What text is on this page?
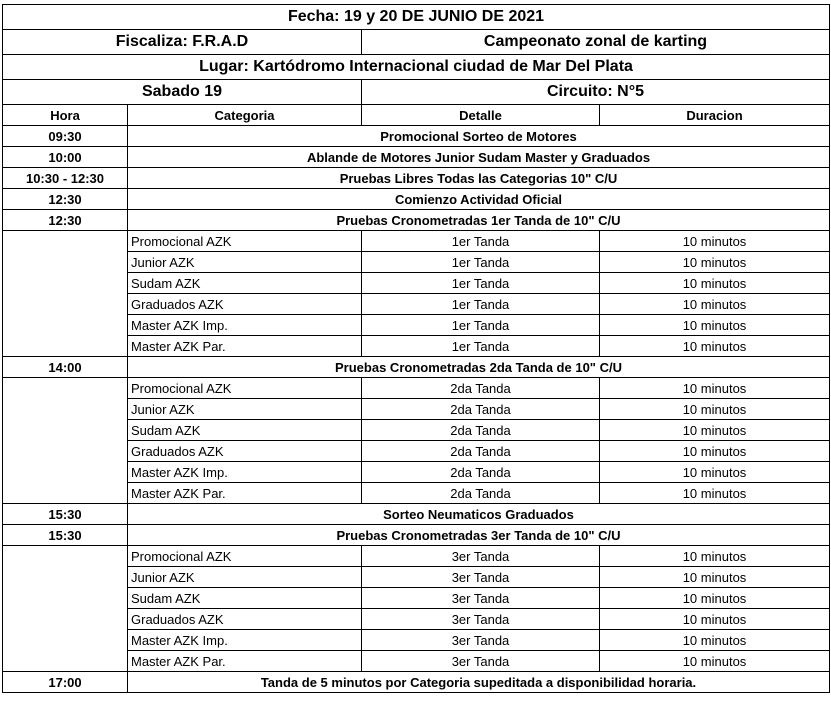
Fecha: 19 y 20 DE JUNIO DE 2021			
Fiscaliza: F.R.A.D		Campeonato zonal de karting	
Lugar: Kartódromo Internacional ciudad de Mar Del Plata			
Sabado 19		Circuito: N°5	
Hora	Categoria	Detalle	Duracion
09:30	Promocional Sorteo de Motores		
10:00	Ablande de Motores Junior Sudam Master y Graduados		
10:30 - 12:30	Pruebas Libres Todas las Categorias 10" C/U		
12:30	Comienzo Actividad Oficial		
12:30	Pruebas Cronometradas 1er Tanda de 10" C/U		
	Promocional AZK	1er Tanda	10 minutos
	Junior AZK	1er Tanda	10 minutos
	Sudam AZK	1er Tanda	10 minutos
	Graduados AZK	1er Tanda	10 minutos
	Master AZK Imp.	1er Tanda	10 minutos
	Master AZK Par.	1er Tanda	10 minutos
14:00	Pruebas Cronometradas 2da Tanda de 10" C/U		
	Promocional AZK	2da Tanda	10 minutos
	Junior AZK	2da Tanda	10 minutos
	Sudam AZK	2da Tanda	10 minutos
	Graduados AZK	2da Tanda	10 minutos
	Master AZK Imp.	2da Tanda	10 minutos
	Master AZK Par.	2da Tanda	10 minutos
15:30	Sorteo Neumaticos Graduados		
15:30	Pruebas Cronometradas 3er Tanda de 10" C/U		
	Promocional AZK	3er Tanda	10 minutos
	Junior AZK	3er Tanda	10 minutos
	Sudam AZK	3er Tanda	10 minutos
	Graduados AZK	3er Tanda	10 minutos
	Master AZK Imp.	3er Tanda	10 minutos
	Master AZK Par.	3er Tanda	10 minutos
17:00	Tanda de 5 minutos por Categoria supeditada a disponibilidad horaria.		
